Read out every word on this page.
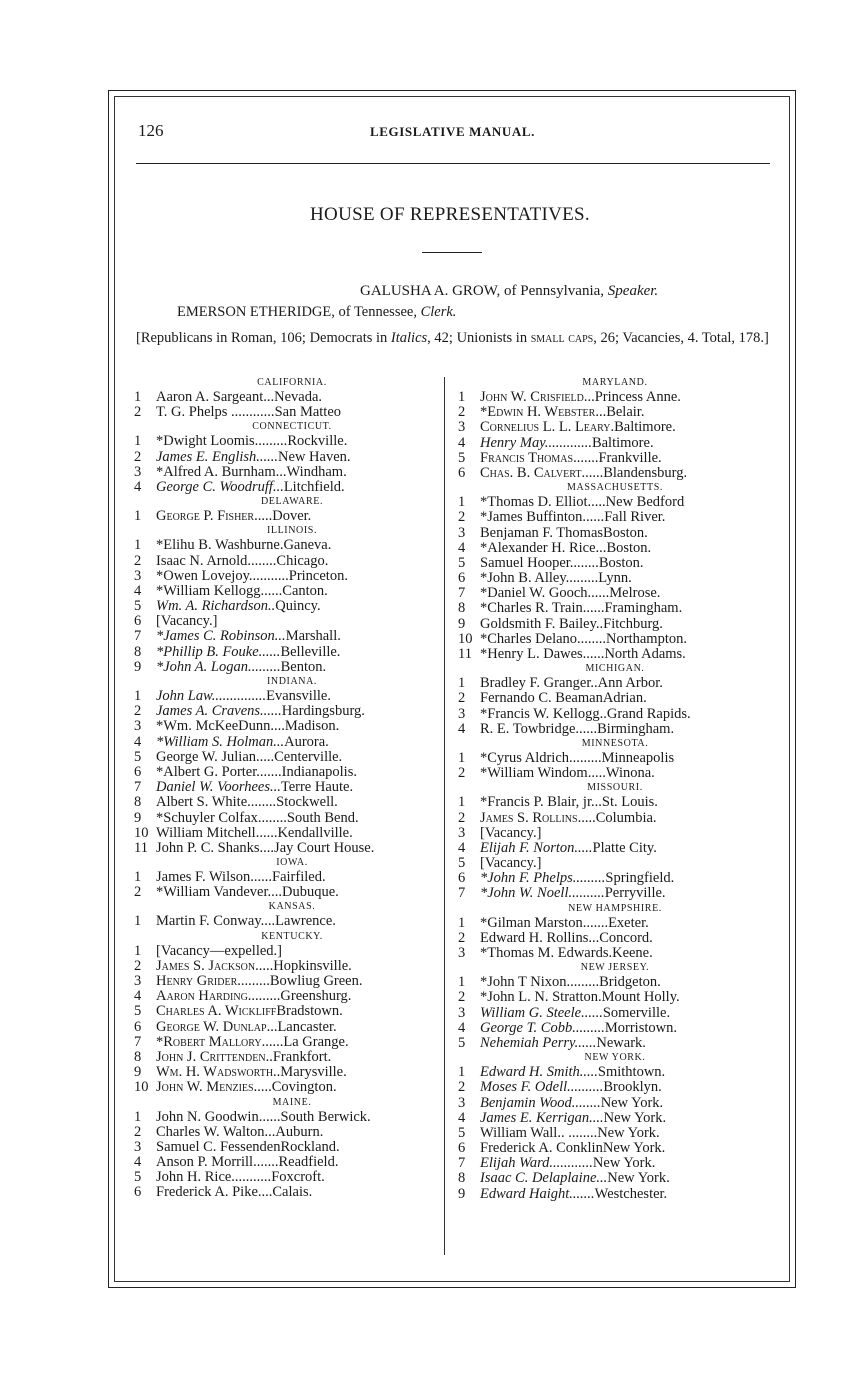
126	LEGISLATIVE MANUAL.
HOUSE OF REPRESENTATIVES.
GALUSHA A. GROW, of Pennsylvania, Speaker.
EMERSON ETHERIDGE, of Tennessee, Clerk.
[Republicans in Roman, 106; Democrats in Italics, 42; Unionists in small caps, 26; Vacancies, 4. Total, 178.]
CALIFORNIA.
1	Aaron A. Sargeant... Nevada.
2	T. G. Phelps ............ San Matteo
CONNECTICUT.
1	*Dwight Loomis......... Rockville.
2	James E. English...... New Haven.
3	*Alfred A. Burnham... Windham.
4	George C. Woodruff... Litchfield.
DELAWARE.
1	George P. Fisher..... Dover.
ILLINOIS.
1	*Elihu B. Washburne. Ganeva.
2	Isaac N. Arnold........ Chicago.
3	*Owen Lovejoy........... Princeton.
4	*William Kellogg...... Canton.
5	Wm. A. Richardson.. Quincy.
6	[Vacancy.]
7	*James C. Robinson... Marshall.
8	*Phillip B. Fouke...... Belleville.
9	*John A. Logan......... Benton.
INDIANA.
1	John Law............... Evansville.
2	James A. Cravens...... Hardingsburg.
3	*Wm. McKeeDunn.... Madison.
4	*William S. Holman... Aurora.
5	George W. Julian..... Centerville.
6	*Albert G. Porter....... Indianapolis.
7	Daniel W. Voorhees... Terre Haute.
8	Albert S. White........ Stockwell.
9	*Schuyler Colfax........ South Bend.
10 William Mitchell...... Kendallville.
11 John P. C. Shanks.... Jay Court House.
IOWA.
1	James F. Wilson...... Fairfiled.
2	*William Vandever.... Dubuque.
KANSAS.
1	Martin F. Conway.... Lawrence.
KENTUCKY.
1	[Vacancy—expelled.]
2	James S. Jackson..... Hopkinsville.
3	Henry Grider......... Bowliug Green.
4	Aaron Harding......... Greenshurg.
5	Charles A. Wickliff Bradstown.
6	George W. Dunlap... Lancaster.
7	*Robert Mallory...... La Grange.
8	John J. Crittenden.. Frankfort.
9	Wm. H. Wadsworth.. Marysville.
10 John W. Menzies..... Covington.
MAINE.
1	John N. Goodwin...... South Berwick.
2	Charles W. Walton... Auburn.
3	Samuel C. Fessenden Rockland.
4	Anson P. Morrill....... Readfield.
5	John H. Rice........... Foxcroft.
6	Frederick A. Pike.... Calais.
MARYLAND.
1	John W. Crisfield... Princess Anne.
2	*Edwin H. Webster... Belair.
3	Cornelius L. L. Leary. Baltimore.
4	Henry May............. Baltimore.
5	Francis Thomas....... Frankville.
6	Chas. B. Calvert...... Blandensburg.
MASSACHUSETTS.
1	*Thomas D. Elliot..... New Bedford
2	*James Buffinton...... Fall River.
3	Benjaman F. Thomas Boston.
4	*Alexander H. Rice... Boston.
5	Samuel Hooper........ Boston.
6	*John B. Alley......... Lynn.
7	*Daniel W. Gooch...... Melrose.
8	*Charles R. Train...... Framingham.
9	Goldsmith F. Bailey.. Fitchburg.
10 *Charles Delano........ Northampton.
11 *Henry L. Dawes...... North Adams.
MICHIGAN.
1	Bradley F. Granger.. Ann Arbor.
2	Fernando C. Beaman Adrian.
3	*Francis W. Kellogg.. Grand Rapids.
4	R. E. Towbridge...... Birmingham.
MINNESOTA.
1	*Cyrus Aldrich......... Minneapolis
2	*William Windom..... Winona.
MISSOURI.
1	*Francis P. Blair, jr... St. Louis.
2	James S. Rollins..... Columbia.
3	[Vacancy.]
4	Elijah F. Norton..... Platte City.
5	[Vacancy.]
6	*John F. Phelps......... Springfield.
7	*John W. Noell.......... Perryville.
NEW HAMPSHIRE.
1	*Gilman Marston....... Exeter.
2	Edward H. Rollins... Concord.
3	*Thomas M. Edwards. Keene.
NEW JERSEY.
1	*John T Nixon......... Bridgeton.
2	*John L. N. Stratton. Mount Holly.
3	William G. Steele...... Somerville.
4	George T. Cobb......... Morristown.
5	Nehemiah Perry...... Newark.
NEW YORK.
1	Edward H. Smith..... Smithtown.
2	Moses F. Odell.......... Brooklyn.
3	Benjamin Wood........ New York.
4	James E. Kerrigan.... New York.
5	William Wall.. ........ New York.
6	Frederick A. Conklin New York.
7	Elijah Ward............ New York.
8	Isaac C. Delaplaine... New York.
9	Edward Haight....... Westchester.
